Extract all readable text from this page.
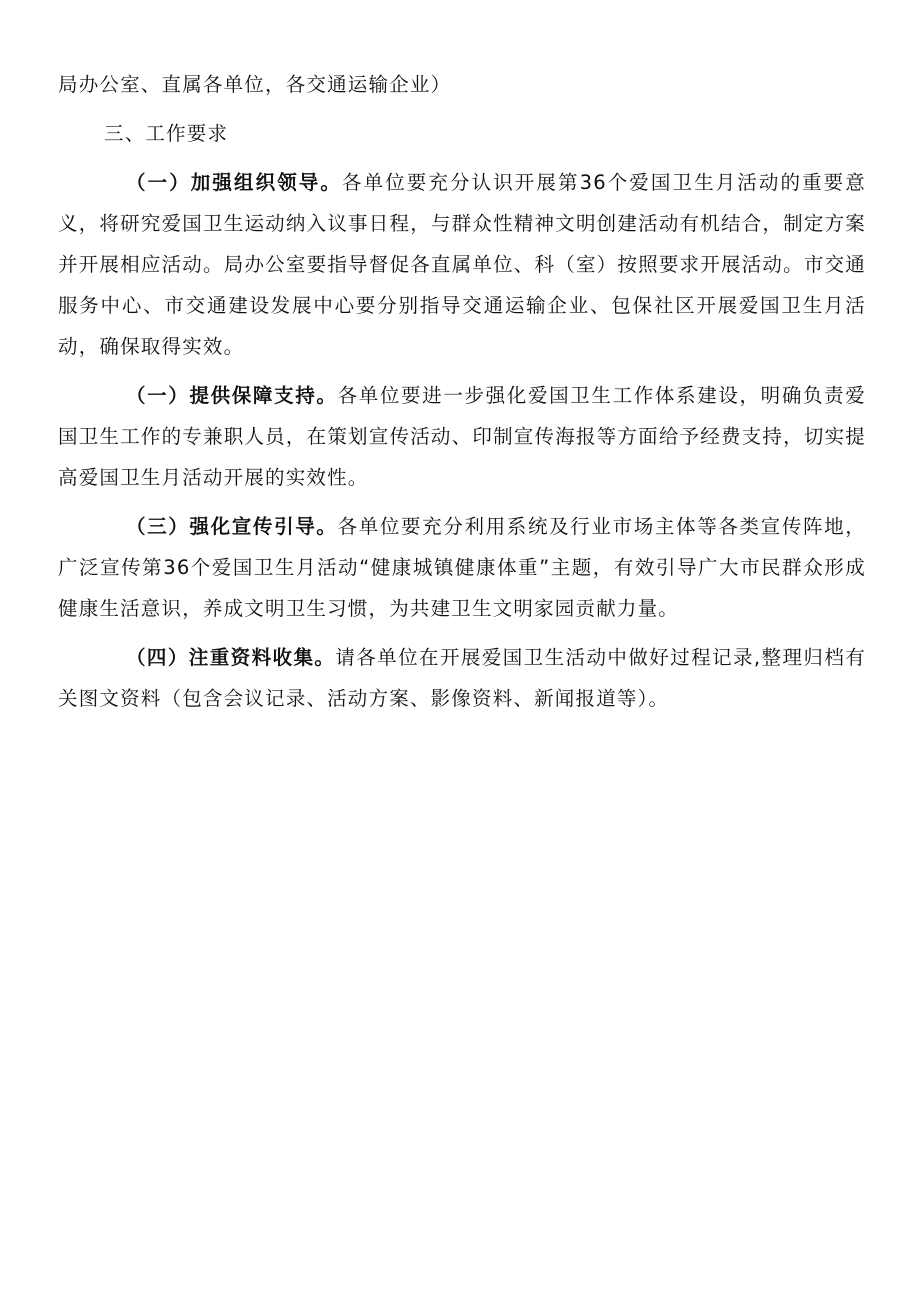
局办公室、直属各单位，各交通运输企业）

三、工作要求

（一）加强组织领导。各单位要充分认识开展第36个爱国卫生月活动的重要意义，将研究爱国卫生运动纳入议事日程，与群众性精神文明创建活动有机结合，制定方案并开展相应活动。局办公室要指导督促各直属单位、科（室）按照要求开展活动。市交通服务中心、市交通建设发展中心要分别指导交通运输企业、包保社区开展爱国卫生月活动，确保取得实效。

（一）提供保障支持。各单位要进一步强化爱国卫生工作体系建设，明确负责爱国卫生工作的专兼职人员，在策划宣传活动、印制宣传海报等方面给予经费支持，切实提高爱国卫生月活动开展的实效性。

（三）强化宣传引导。各单位要充分利用系统及行业市场主体等各类宣传阵地，广泛宣传第36个爱国卫生月活动“健康城镇健康体重”主题，有效引导广大市民群众形成健康生活意识，养成文明卫生习惯，为共建卫生文明家园贡献力量。

（四）注重资料收集。请各单位在开展爱国卫生活动中做好过程记录,整理归档有关图文资料（包含会议记录、活动方案、影像资料、新闻报道等）。
